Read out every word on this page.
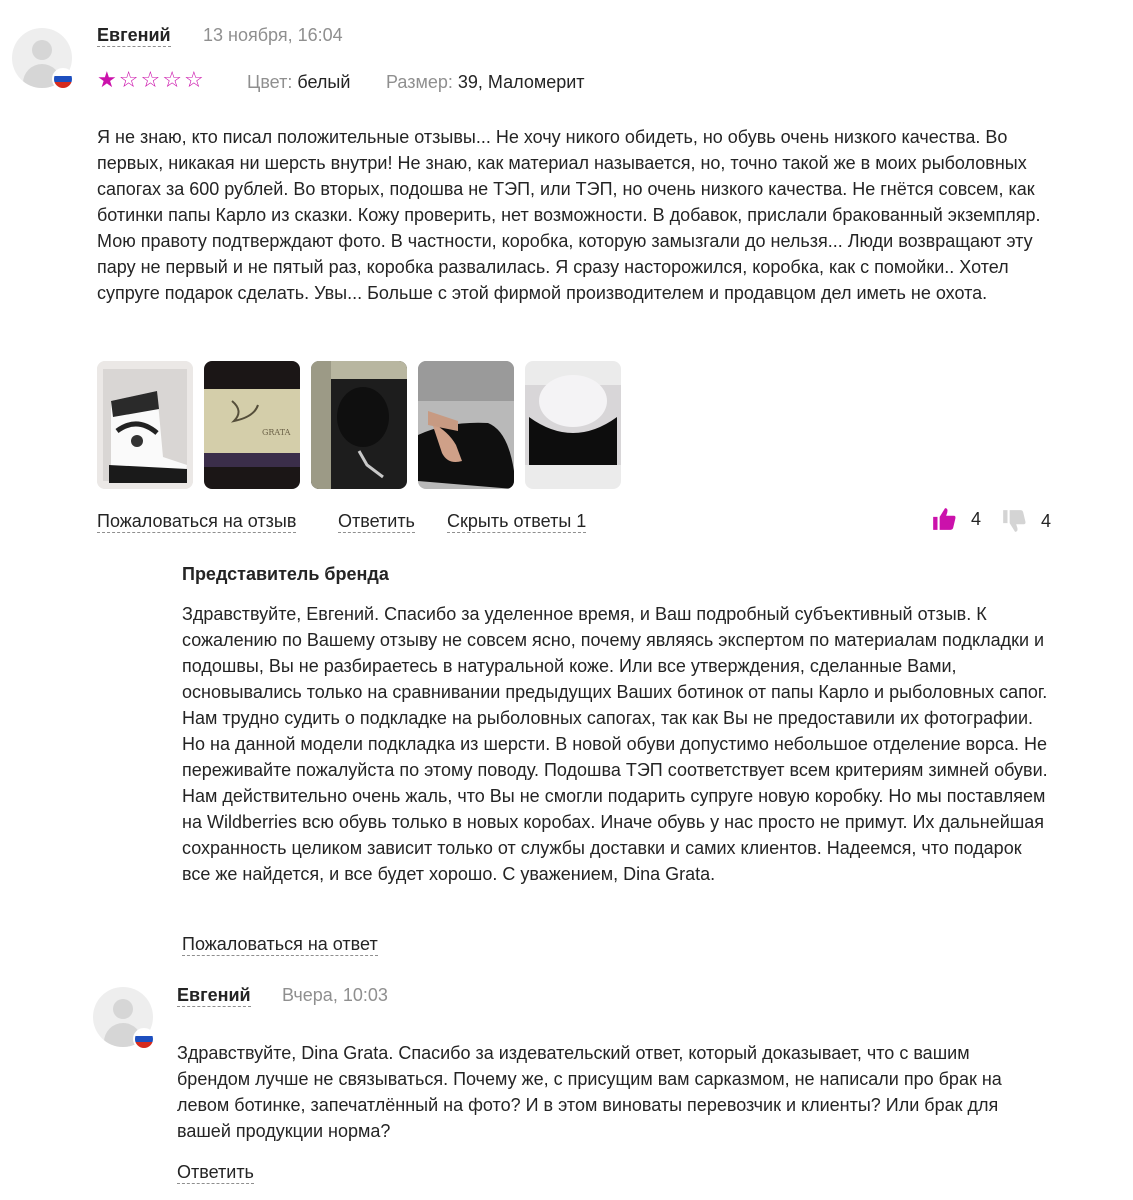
Евгений 13 ноября, 16:04
★ ☆ ☆ ☆ ☆ Цвет: белый Размер: 39, Маломерит
Я не знаю, кто писал положительные отзывы... Не хочу никого обидеть, но обувь очень низкого качества. Во первых, никакая ни шерсть внутри! Не знаю, как материал называется, но, точно такой же в моих рыболовных сапогах за 600 рублей. Во вторых, подошва не ТЭП, или ТЭП, но очень низкого качества. Не гнётся совсем, как ботинки папы Карло из сказки. Кожу проверить, нет возможности. В добавок, прислали бракованный экземпляр. Мою правоту подтверждают фото. В частности, коробка, которую замызгали до нельзя... Люди возвращают эту пару не первый и не пятый раз, коробка развалилась. Я сразу насторожился, коробка, как с помойки.. Хотел супруге подарок сделать. Увы... Больше с этой фирмой производителем и продавцом дел иметь не охота.
GRATA
Пожаловаться на отзыв Ответить Скрыть ответы 1	4	4
Представитель бренда
Здравствуйте, Евгений. Спасибо за уделенное время, и Ваш подробный субъективный отзыв. К сожалению по Вашему отзыву не совсем ясно, почему являясь экспертом по материалам подкладки и подошвы, Вы не разбираетесь в натуральной коже. Или все утверждения, сделанные Вами, основывались только на сравнивании предыдущих Ваших ботинок от папы Карло и рыболовных сапог. Нам трудно судить о подкладке на рыболовных сапогах, так как Вы не предоставили их фотографии. Но на данной модели подкладка из шерсти. В новой обуви допустимо небольшое отделение ворса. Не переживайте пожалуйста по этому поводу. Подошва ТЭП соответствует всем критериям зимней обуви. Нам действительно очень жаль, что Вы не смогли подарить супруге новую коробку. Но мы поставляем на Wildberries всю обувь только в новых коробах. Иначе обувь у нас просто не примут. Их дальнейшая сохранность целиком зависит только от службы доставки и самих клиентов. Надеемся, что подарок все же найдется, и все будет хорошо. С уважением, Dina Grata.
Пожаловаться на ответ
Евгений Вчера, 10:03
Здравствуйте, Dina Grata. Спасибо за издевательский ответ, который доказывает, что с вашим брендом лучше не связываться. Почему же, с присущим вам сарказмом, не написали про брак на левом ботинке, запечатлённый на фото? И в этом виноваты перевозчик и клиенты? Или брак для вашей продукции норма?
Ответить
